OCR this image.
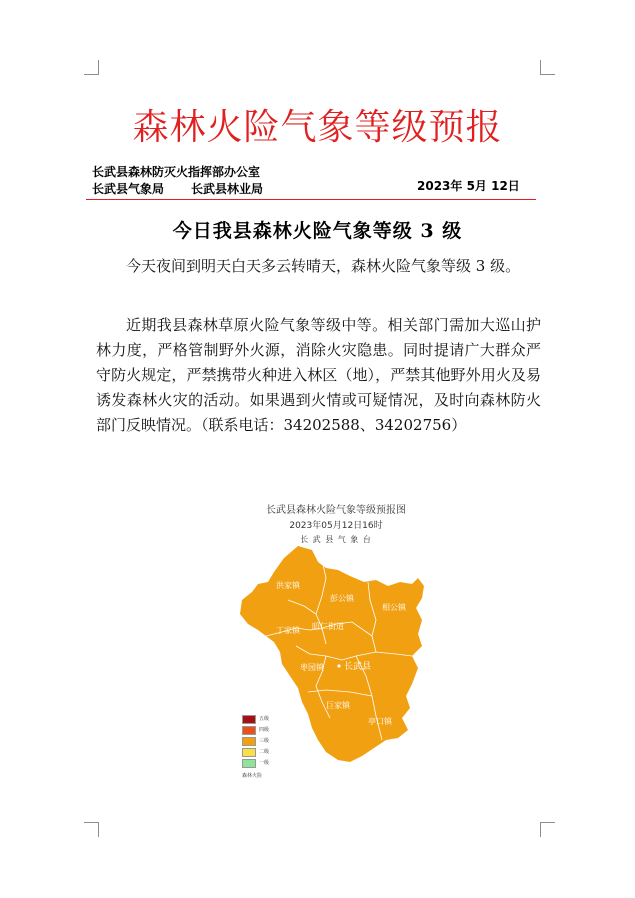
森林火险气象等级预报
长武县森林防灭火指挥部办公室
长武县气象局 长武县林业局	2023年 5月 12日
今日我县森林火险气象等级 3 级

今天夜间到明天白天多云转晴天，森林火险气象等级 3 级。

近期我县森林草原火险气象等级中等。相关部门需加大巡山护林力度，严格管制野外火源，消除火灾隐患。同时提请广大群众严守防火规定，严禁携带火种进入林区（地），严禁其他野外用火及易诱发森林火灾的活动。如果遇到火情或可疑情况，及时向森林防火部门反映情况。（联系电话：34202588、34202756）

洪家镇
彭公镇
相公镇
丁家镇 昭仁街道
枣园镇 长武县
巨家镇
亭口镇
长武县森林火险气象等级预报图
2023年05月12日16时
长 武 县 气 象 台
五级
四级
三级
二级
一级
森林火险
